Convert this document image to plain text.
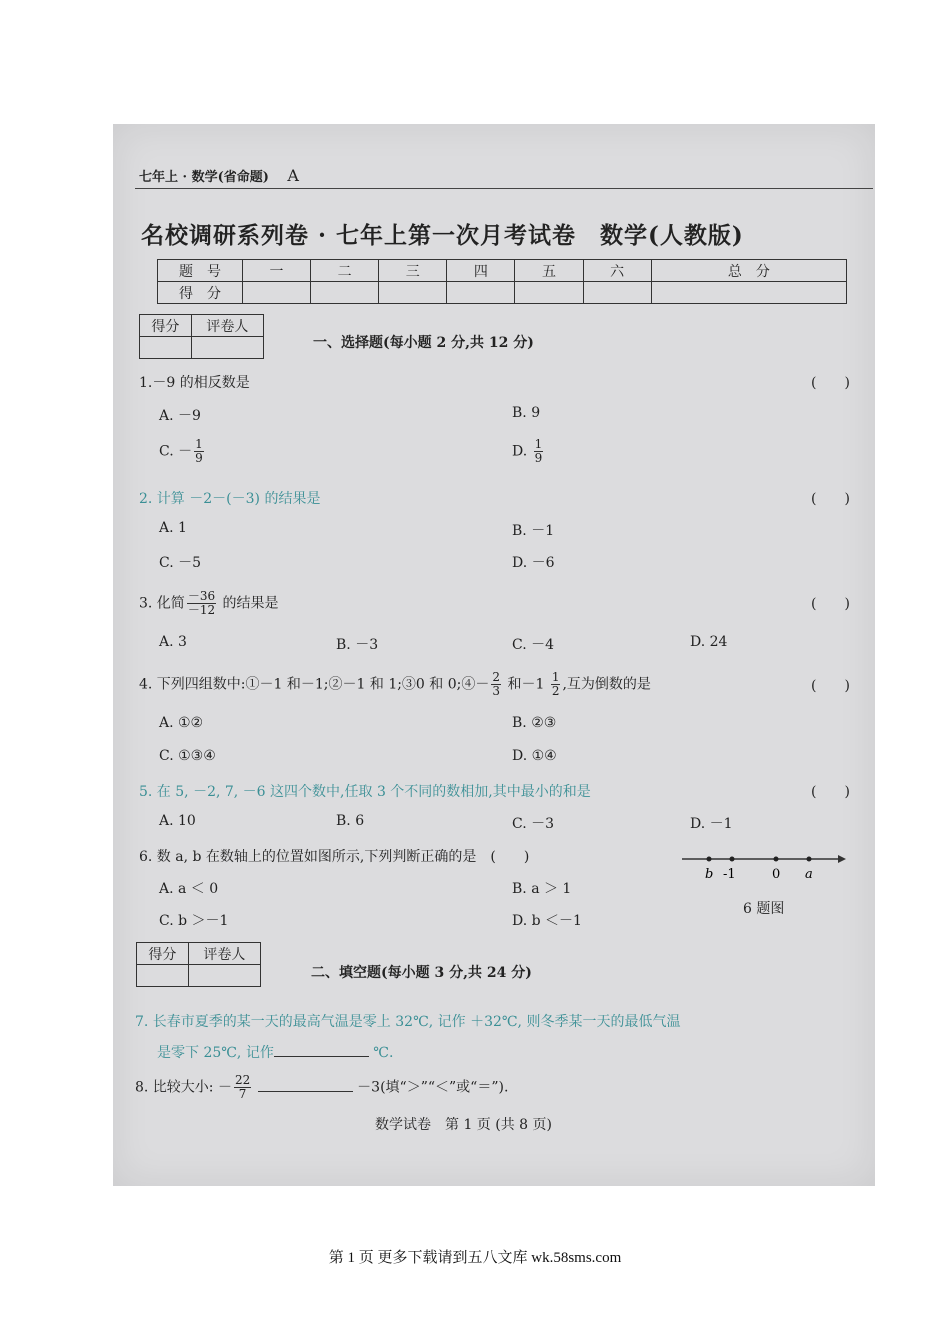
七年上 · 数学(省命题) A
名校调研系列卷 · 七年上第一次月考试卷　数学(人教版)
题　号	一	二	三	四	五	六	总　分
得　分							
得分	评卷人

一、选择题(每小题 2 分,共 12 分)
1.－9 的相反数是	(　　)
A. －9	B. 9
C. － $\frac{1}{9}$	D. $\frac{1}{9}$
2. 计算 －2－(－3) 的结果是	(　　)
A. 1	B. －1
C. －5	D. －6
3. 化简 $\frac{-36}{-12}$ 的结果是	(　　)
A. 3	B. －3	C. －4	D. 24
4. 下列四组数中:①－1 和－1;②－1 和 1;③0 和 0;④－ $\frac{2}{3}$ 和$-1 \frac{1}{2}$ ,互为倒数的是	(　　)
A. ①②	B. ②③
C. ①③④	D. ①④
5. 在 5, －2, 7, －6 这四个数中,任取 3 个不同的数相加,其中最小的和是	(　　)
A. 10	B. 6	C. －3	D. －1
6. 数 a, b 在数轴上的位置如图所示,下列判断正确的是　(　　)
b -1	0 a
A. a ＜ 0	B. a ＞ 1
6 题图
C. b ＞－1	D. b ＜－1
得分	评卷人

二、填空题(每小题 3 分,共 24 分)
7. 长春市夏季的某一天的最高气温是零上 32℃, 记作 ＋32℃, 则冬季某一天的最低气温
是零下 25℃, 记作	℃.
8. 比较大小: － $\frac{22}{7}$	－3(填“＞”“＜”或“＝”).
数学试卷　第 1 页 (共 8 页)
第 1 页 更多下载请到五八文库 wk.58sms.com
